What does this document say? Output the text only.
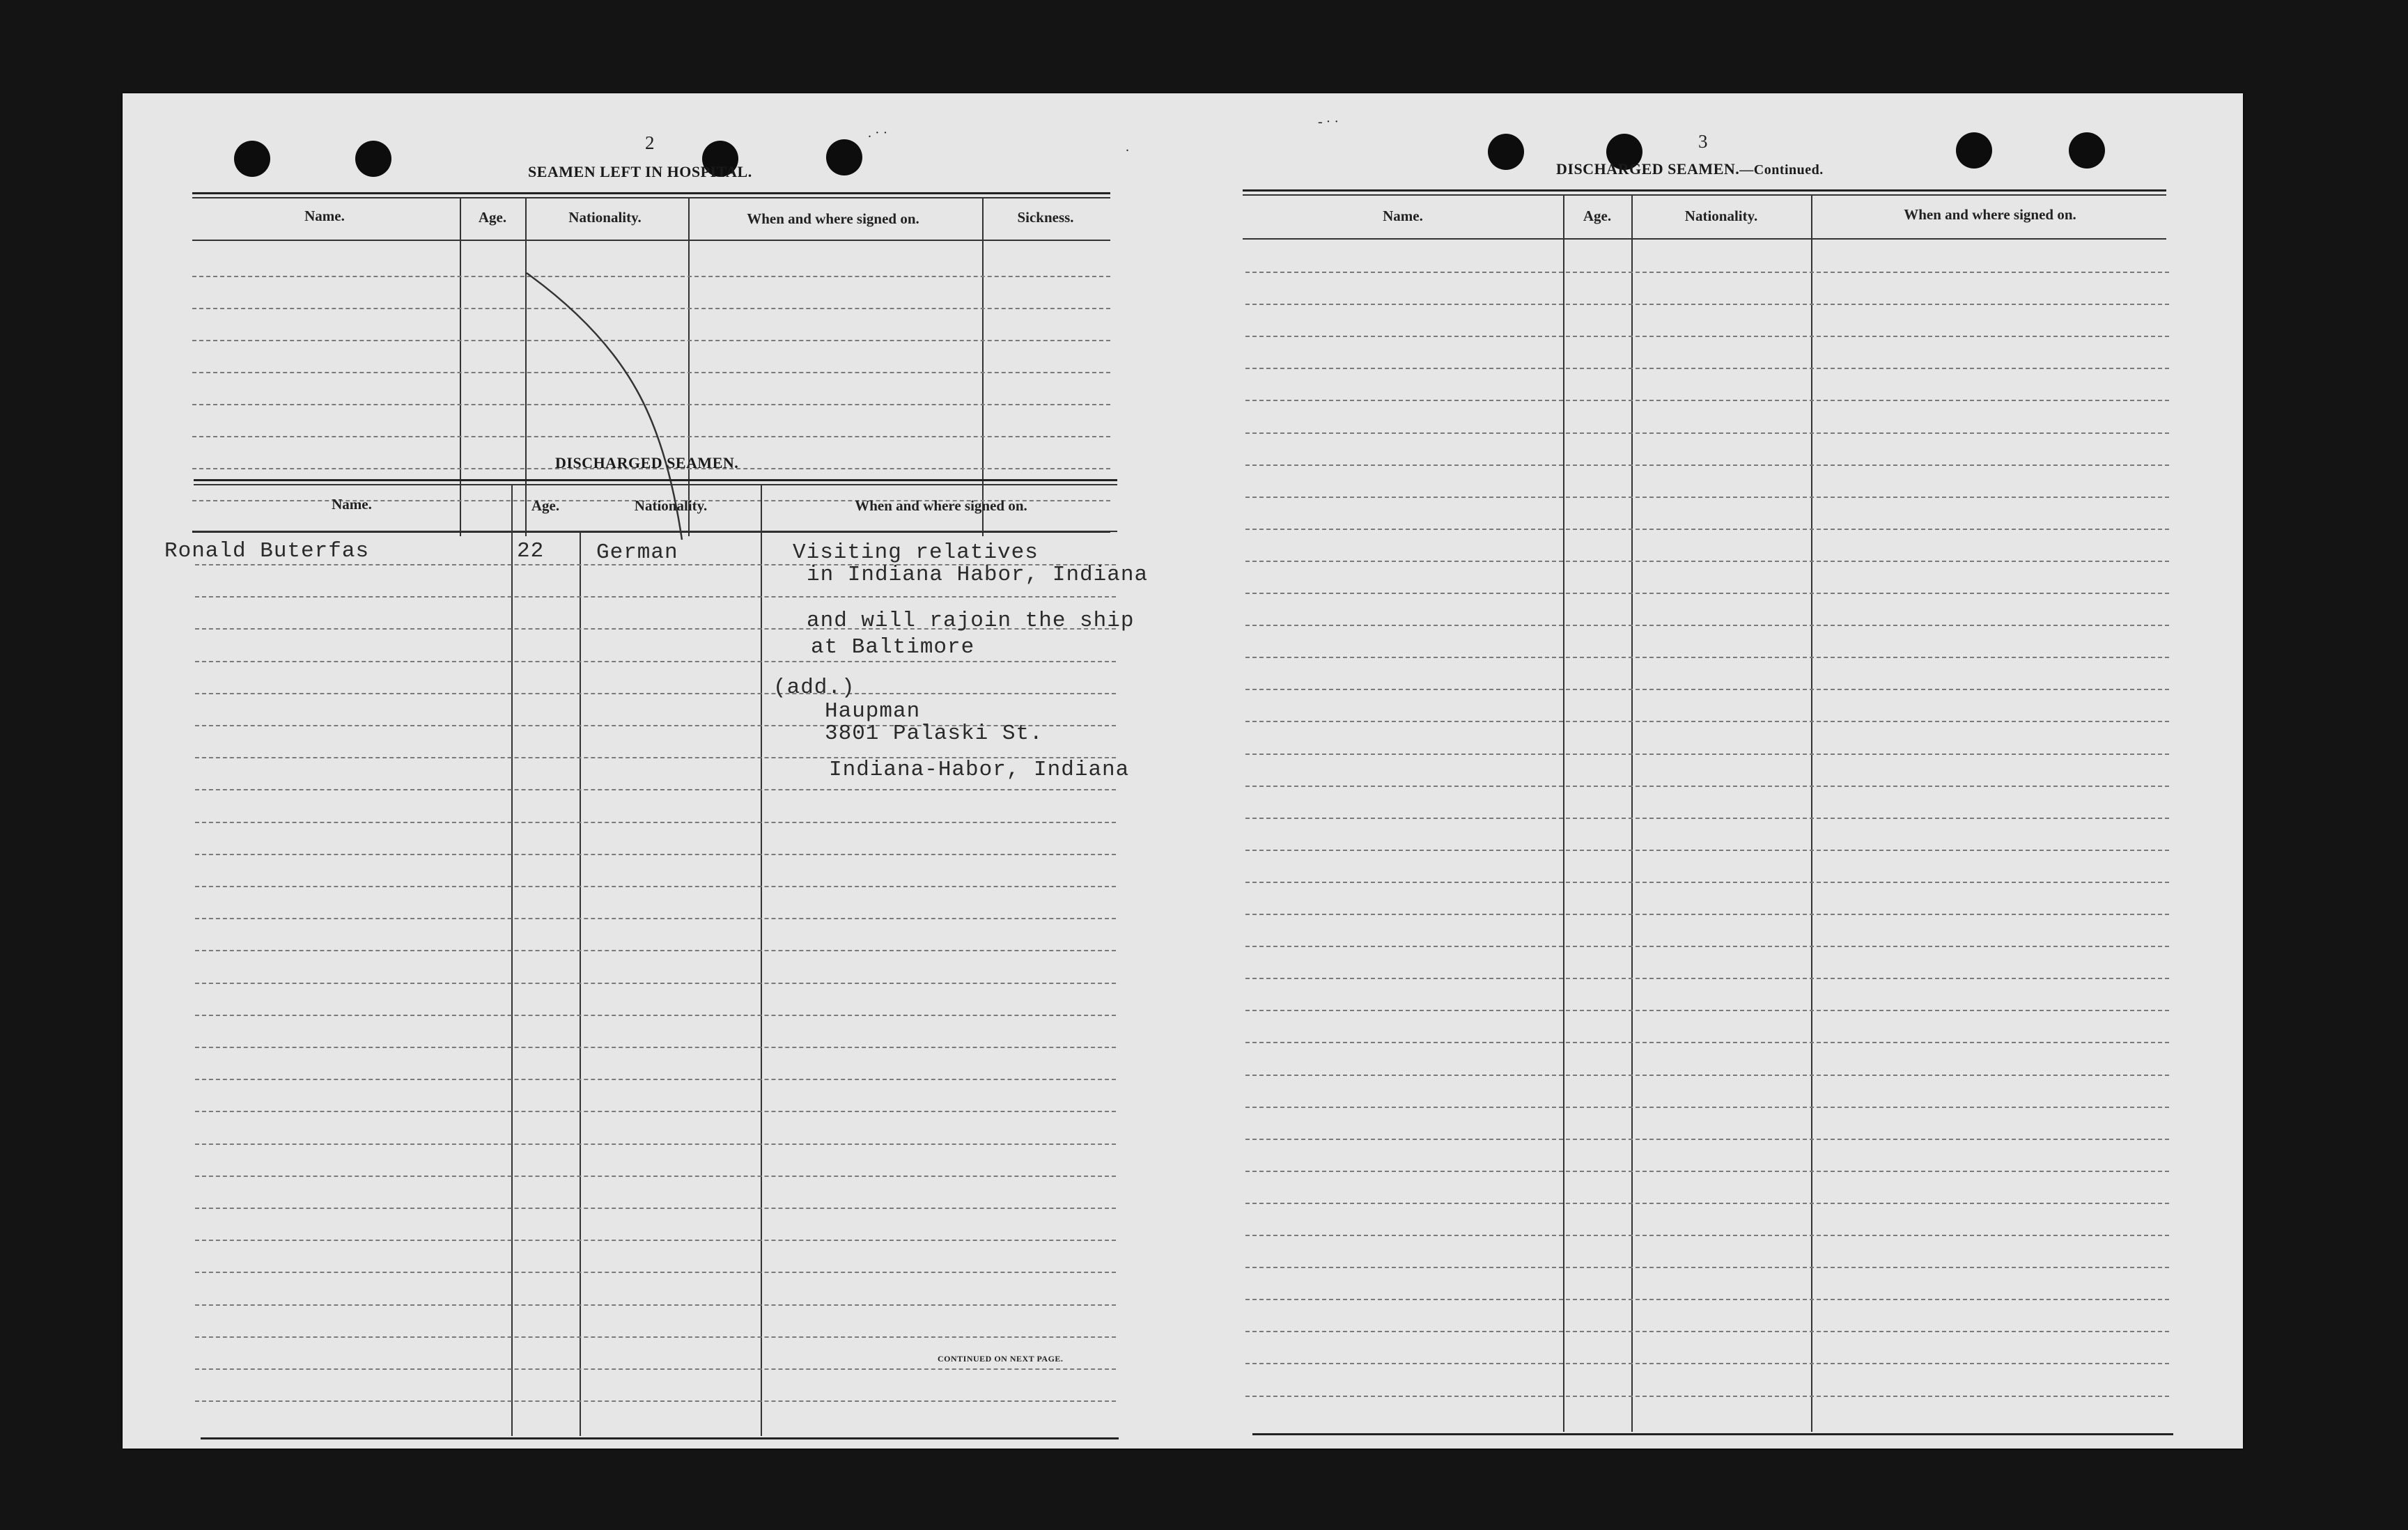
2
SEAMEN LEFT IN HOSPITAL.
Name.	Age.	Nationality.	When and where signed on.	Sickness.
DISCHARGED SEAMEN.
Name.	Age.	Nationality.	When and where signed on.
Ronald Buterfas	22 German	Visiting relatives
in Indiana Habor, Indiana
and will rajoin the ship
at Baltimore
(add.)
Haupman
3801 Palaski St.
Indiana-Habor, Indiana
CONTINUED ON NEXT PAGE.
3
DISCHARGED SEAMEN.—Continued.
Name.	Age.	Nationality.	When and where signed on.
. · ·
.
- · ·
